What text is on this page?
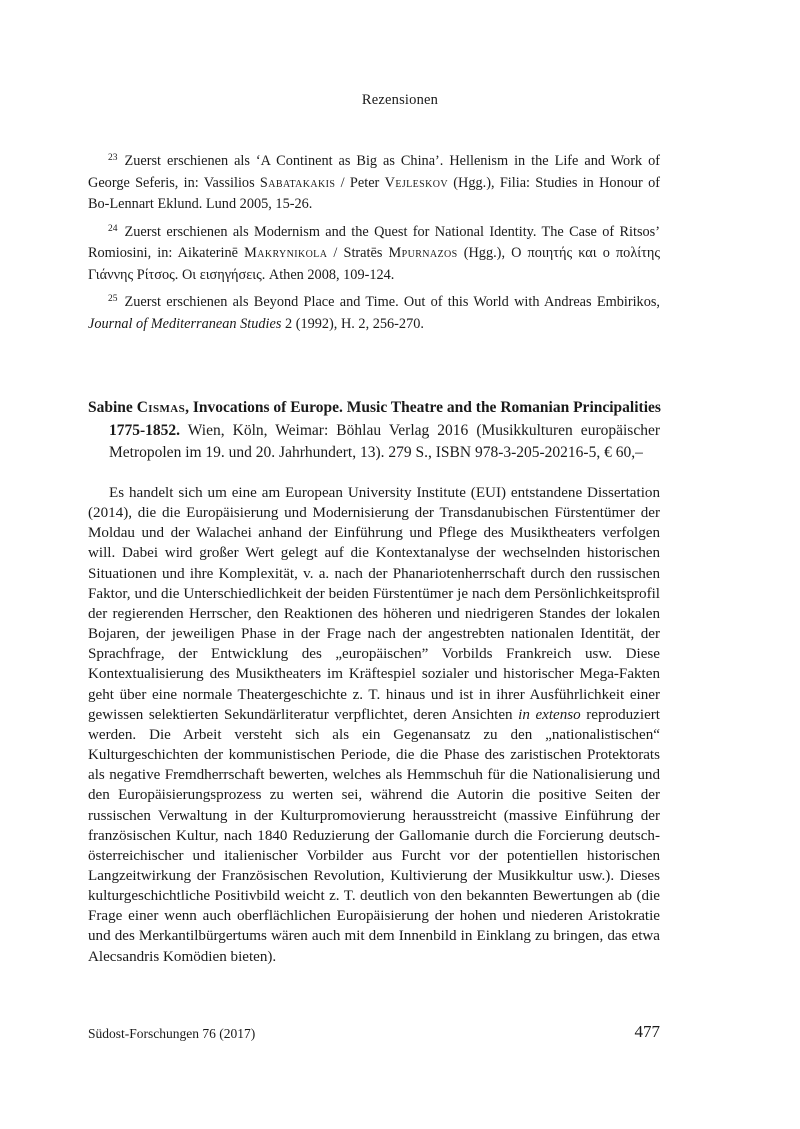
Rezensionen

$^{23}$ Zuerst erschienen als ‘A Continent as Big as China’. Hellenism in the Life and Work of George Seferis, in: Vassilios Sabatakakis / Peter Vejleskov (Hgg.), Filia: Studies in Honour of Bo-Lennart Eklund. Lund 2005, 15-26.

$^{24}$ Zuerst erschienen als Modernism and the Quest for National Identity. The Case of Ritsos’ Romiosini, in: Aikaterinē Makrynikola / Stratēs Mpurnazos (Hgg.), Ο ποιητής και ο πολίτης Γιάννης Ρίτσος. Οι εισηγήσεις. Athen 2008, 109-124.

$^{25}$ Zuerst erschienen als Beyond Place and Time. Out of this World with Andreas Embirikos, Journal of Mediterranean Studies 2 (1992), H. 2, 256-270.

Sabine Cismas, Invocations of Europe. Music Theatre and the Romanian Principalities
1775-1852. Wien, Köln, Weimar: Böhlau Verlag 2016 (Musikkulturen europäischer Metropolen im 19. und 20. Jahrhundert, 13). 279 S., ISBN 978-3-205-20216-5, € 60,–

Es handelt sich um eine am European University Institute (EUI) entstandene Dissertation (2014), die die Europäisierung und Modernisierung der Transdanubischen Fürstentümer der Moldau und der Walachei anhand der Einführung und Pflege des Musiktheaters verfolgen will. Dabei wird großer Wert gelegt auf die Kontextanalyse der wechselnden historischen Situationen und ihre Komplexität, v. a. nach der Phanariotenherrschaft durch den russischen Faktor, und die Unterschiedlichkeit der beiden Fürstentümer je nach dem Persönlichkeitsprofil der regierenden Herrscher, den Reaktionen des höheren und niedrigeren Standes der lokalen Bojaren, der jeweiligen Phase in der Frage nach der angestrebten nationalen Identität, der Sprachfrage, der Entwicklung des „europäischen” Vorbilds Frankreich usw. Diese Kontextualisierung des Musiktheaters im Kräftespiel sozialer und historischer Mega-Fakten geht über eine normale Theatergeschichte z. T. hinaus und ist in ihrer Ausführlichkeit einer gewissen selektierten Sekundärliteratur verpflichtet, deren Ansichten in extenso reproduziert werden. Die Arbeit versteht sich als ein Gegenansatz zu den „nationalistischen“ Kulturgeschichten der kommunistischen Periode, die die Phase des zaristischen Protektorats als negative Fremdherrschaft bewerten, welches als Hemmschuh für die Nationalisierung und den Europäisierungsprozess zu werten sei, während die Autorin die positive Seiten der russischen Verwaltung in der Kulturpromovierung herausstreicht (massive Einführung der französischen Kultur, nach 1840 Reduzierung der Gallomanie durch die Forcierung deutsch-österreichischer und italienischer Vorbilder aus Furcht vor der potentiellen historischen Langzeitwirkung der Französischen Revolution, Kultivierung der Musikkultur usw.). Dieses kulturgeschichtliche Positivbild weicht z. T. deutlich von den bekannten Bewertungen ab (die Frage einer wenn auch oberflächlichen Europäisierung der hohen und niederen Aristokratie und des Merkantilbürgertums wären auch mit dem Innenbild in Einklang zu bringen, das etwa Alecsandris Komödien bieten).

Südost-Forschungen 76 (2017)	477
